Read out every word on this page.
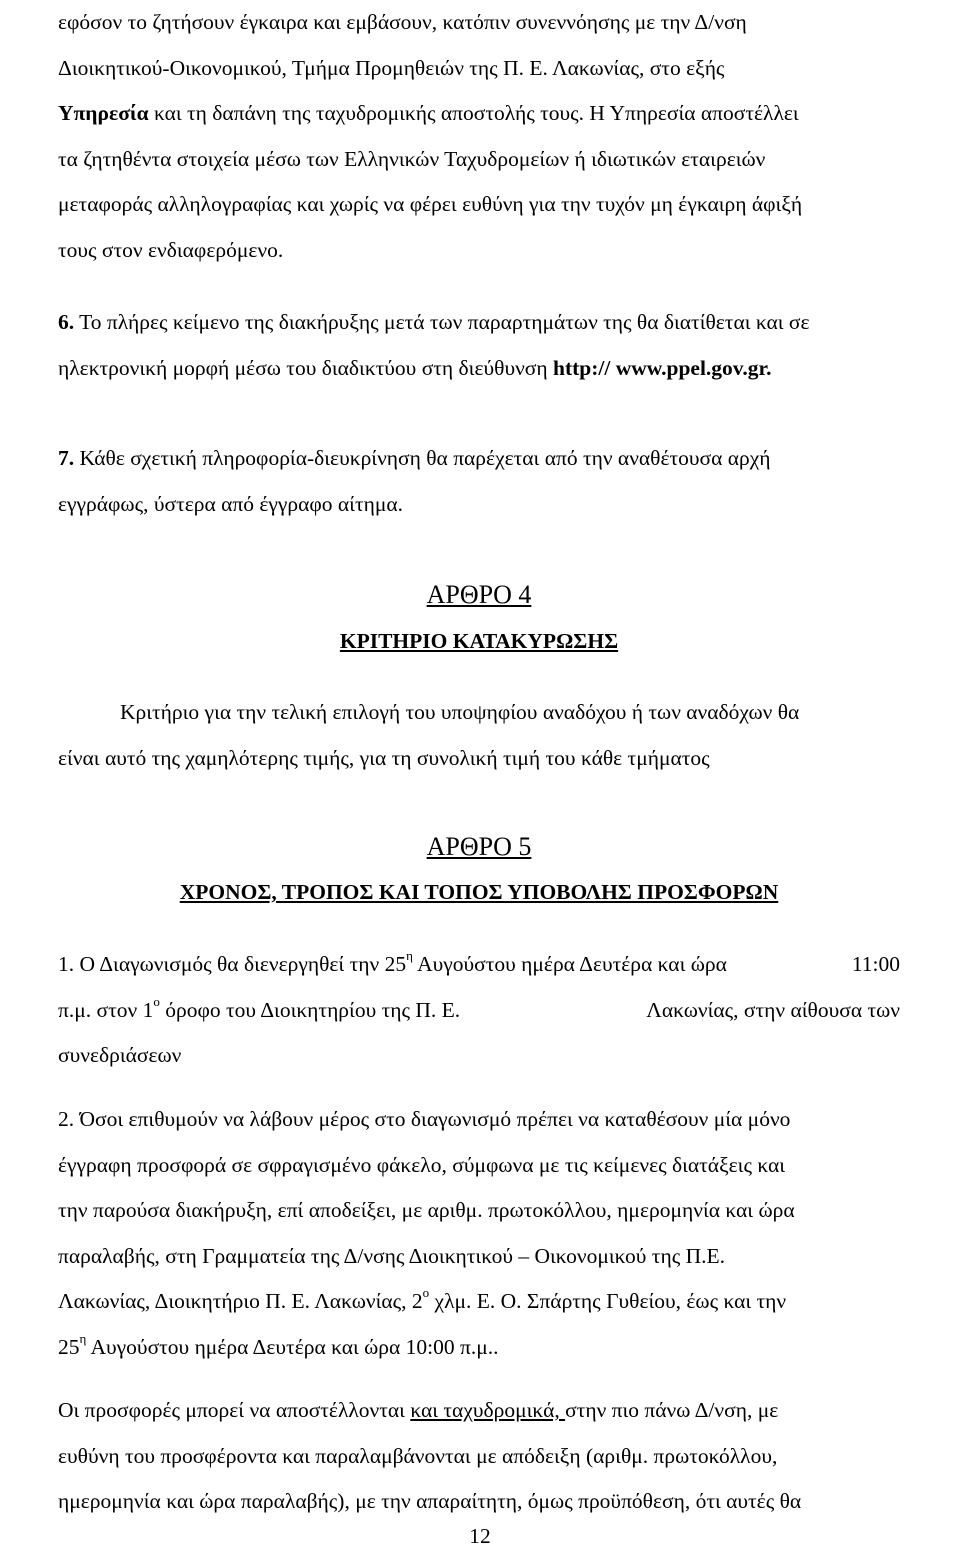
εφόσον το ζητήσουν έγκαιρα και εμβάσουν, κατόπιν συνεννόησης με την Δ/νση
Διοικητικού-Οικονομικού, Τμήμα Προμηθειών της Π. Ε. Λακωνίας, στο εξής
Υπηρεσία και τη δαπάνη της ταχυδρομικής αποστολής τους. Η Υπηρεσία αποστέλλει
τα ζητηθέντα στοιχεία μέσω των Ελληνικών Ταχυδρομείων ή ιδιωτικών εταιρειών
μεταφοράς αλληλογραφίας και χωρίς να φέρει ευθύνη για την τυχόν μη έγκαιρη άφιξή
τους στον ενδιαφερόμενο.
6. Το πλήρες κείμενο της διακήρυξης μετά των παραρτημάτων της θα διατίθεται και σε
ηλεκτρονική μορφή μέσω του διαδικτύου στη διεύθυνση http:// www.ppel.gov.gr.
7. Κάθε σχετική πληροφορία-διευκρίνηση θα παρέχεται από την αναθέτουσα αρχή
εγγράφως, ύστερα από έγγραφο αίτημα.
ΑΡΘΡΟ 4
ΚΡΙΤΗΡΙΟ ΚΑΤΑΚΥΡΩΣΗΣ
Κριτήριο για την τελική επιλογή του υποψηφίου αναδόχου ή των αναδόχων θα
είναι αυτό της χαμηλότερης τιμής, για τη συνολική τιμή του κάθε τμήματος
ΑΡΘΡΟ 5
ΧΡΟΝΟΣ, ΤΡΟΠΟΣ ΚΑΙ ΤΟΠΟΣ ΥΠΟΒΟΛΗΣ ΠΡΟΣΦΟΡΩΝ
1. Ο Διαγωνισμός θα διενεργηθεί την $25^\eta$ Αυγούστου ημέρα Δευτέρα και ώρα	11:00
π.μ. στον $1^o$ όροφο του Διοικητηρίου της Π. Ε.	Λακωνίας, στην αίθουσα των
συνεδριάσεων
2. Όσοι επιθυμούν να λάβουν μέρος στο διαγωνισμό πρέπει να καταθέσουν μία μόνο
έγγραφη προσφορά σε σφραγισμένο φάκελο, σύμφωνα με τις κείμενες διατάξεις και
την παρούσα διακήρυξη, επί αποδείξει, με αριθμ. πρωτοκόλλου, ημερομηνία και ώρα
παραλαβής, στη Γραμματεία της Δ/νσης Διοικητικού – Οικονομικού της Π.Ε.
Λακωνίας, Διοικητήριο Π. Ε. Λακωνίας, $2^o$ χλμ. Ε. Ο. Σπάρτης Γυθείου, έως και την
$25^\eta$ Αυγούστου ημέρα Δευτέρα και ώρα 10:00 π.μ..
Οι προσφορές μπορεί να αποστέλλονται και ταχυδρομικά, στην πιο πάνω Δ/νση, με
ευθύνη του προσφέροντα και παραλαμβάνονται με απόδειξη (αριθμ. πρωτοκόλλου,
ημερομηνία και ώρα παραλαβής), με την απαραίτητη, όμως προϋπόθεση, ότι αυτές θα
12
